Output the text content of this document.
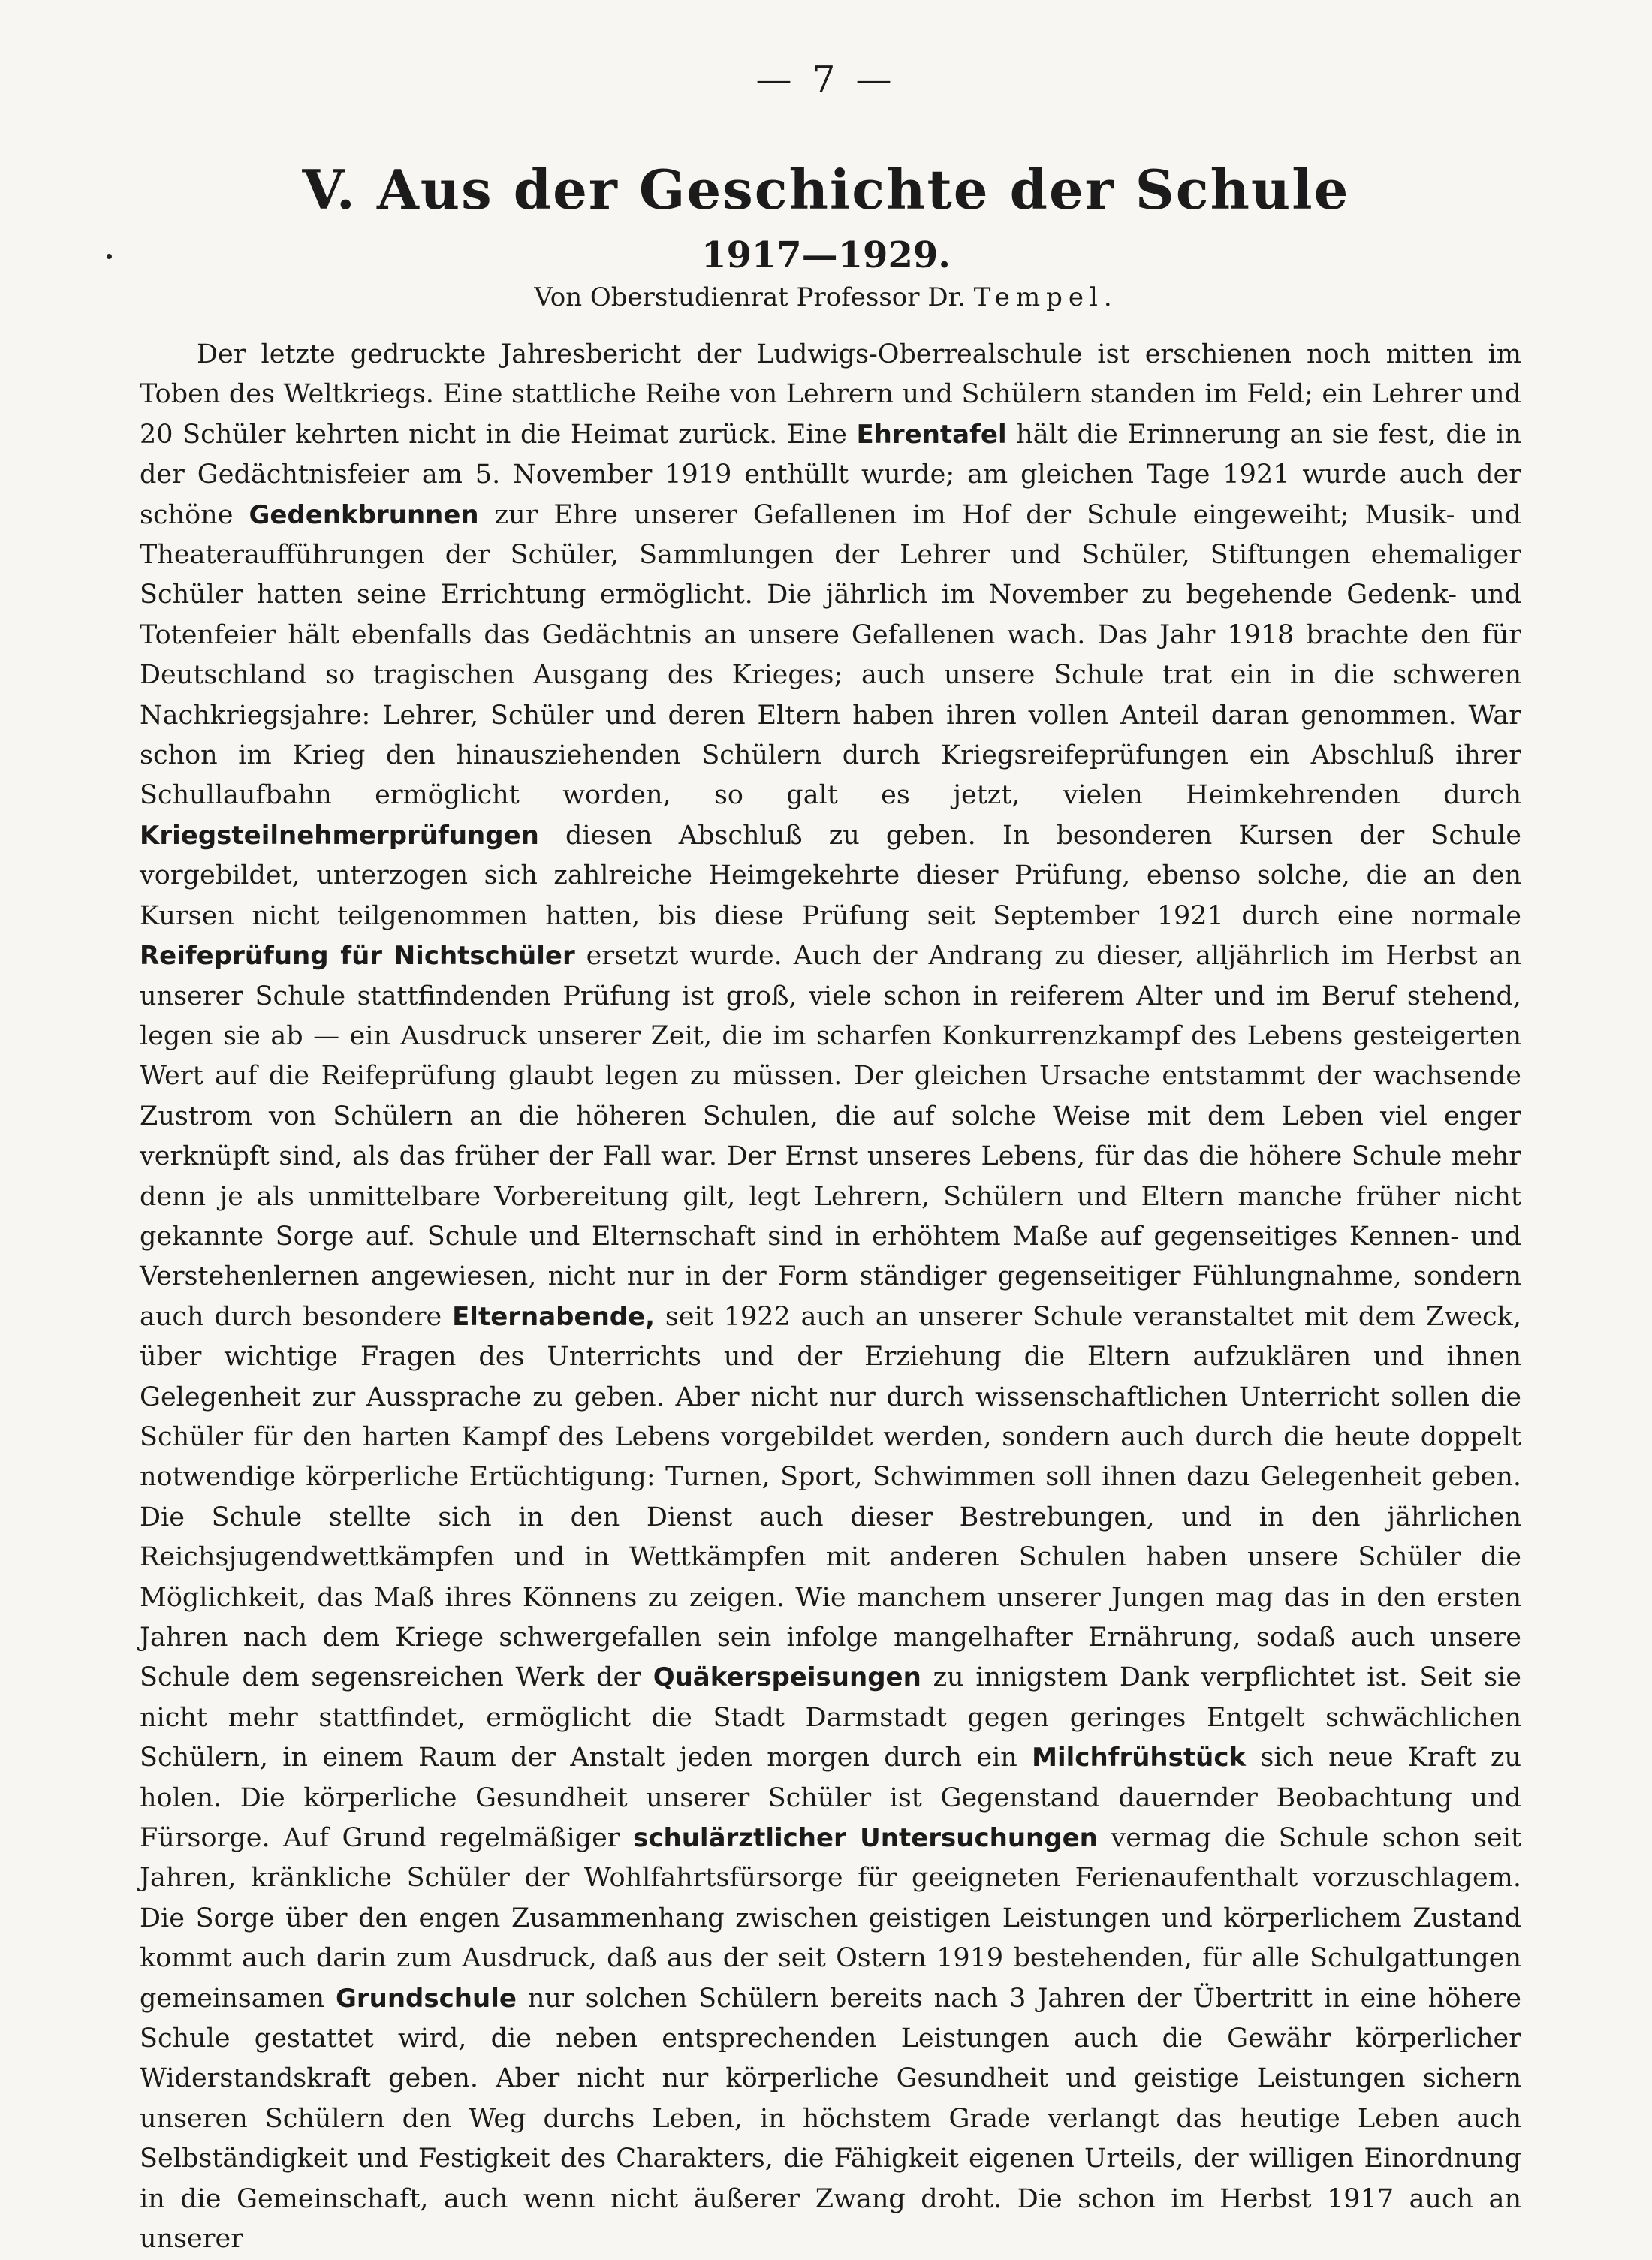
— 7 —
V. Aus der Geschichte der Schule
1917—1929.
Von Oberstudienrat Professor Dr. Tempel.

Der letzte gedruckte Jahresbericht der Ludwigs-Oberrealschule ist erschienen noch mitten im Toben des Weltkriegs. Eine stattliche Reihe von Lehrern und Schülern standen im Feld; ein Lehrer und 20 Schüler kehrten nicht in die Heimat zurück. Eine Ehrentafel hält die Erinnerung an sie fest, die in der Gedächtnisfeier am 5. November 1919 enthüllt wurde; am gleichen Tage 1921 wurde auch der schöne Gedenkbrunnen zur Ehre unserer Gefallenen im Hof der Schule eingeweiht; Musik- und Theateraufführungen der Schüler, Sammlungen der Lehrer und Schüler, Stiftungen ehemaliger Schüler hatten seine Errichtung ermöglicht. Die jährlich im November zu begehende Gedenk- und Totenfeier hält ebenfalls das Gedächtnis an unsere Gefallenen wach. Das Jahr 1918 brachte den für Deutschland so tragischen Ausgang des Krieges; auch unsere Schule trat ein in die schweren Nachkriegsjahre: Lehrer, Schüler und deren Eltern haben ihren vollen Anteil daran genommen. War schon im Krieg den hinausziehenden Schülern durch Kriegsreifeprüfungen ein Abschluß ihrer Schullaufbahn ermöglicht worden, so galt es jetzt, vielen Heimkehrenden durch Kriegsteilnehmerprüfungen diesen Abschluß zu geben. In besonderen Kursen der Schule vorgebildet, unterzogen sich zahlreiche Heimgekehrte dieser Prüfung, ebenso solche, die an den Kursen nicht teilgenommen hatten, bis diese Prüfung seit September 1921 durch eine normale Reifeprüfung für Nichtschüler ersetzt wurde. Auch der Andrang zu dieser, alljährlich im Herbst an unserer Schule stattfindenden Prüfung ist groß, viele schon in reiferem Alter und im Beruf stehend, legen sie ab — ein Ausdruck unserer Zeit, die im scharfen Konkurrenzkampf des Lebens gesteigerten Wert auf die Reifeprüfung glaubt legen zu müssen. Der gleichen Ursache entstammt der wachsende Zustrom von Schülern an die höheren Schulen, die auf solche Weise mit dem Leben viel enger verknüpft sind, als das früher der Fall war. Der Ernst unseres Lebens, für das die höhere Schule mehr denn je als unmittelbare Vorbereitung gilt, legt Lehrern, Schülern und Eltern manche früher nicht gekannte Sorge auf. Schule und Elternschaft sind in erhöhtem Maße auf gegenseitiges Kennen- und Verstehenlernen angewiesen, nicht nur in der Form ständiger gegenseitiger Fühlungnahme, sondern auch durch besondere Elternabende, seit 1922 auch an unserer Schule veranstaltet mit dem Zweck, über wichtige Fragen des Unterrichts und der Erziehung die Eltern aufzuklären und ihnen Gelegenheit zur Aussprache zu geben. Aber nicht nur durch wissenschaftlichen Unterricht sollen die Schüler für den harten Kampf des Lebens vorgebildet werden, sondern auch durch die heute doppelt notwendige körperliche Ertüchtigung: Turnen, Sport, Schwimmen soll ihnen dazu Gelegenheit geben. Die Schule stellte sich in den Dienst auch dieser Bestrebungen, und in den jährlichen Reichsjugendwettkämpfen und in Wettkämpfen mit anderen Schulen haben unsere Schüler die Möglichkeit, das Maß ihres Könnens zu zeigen. Wie manchem unserer Jungen mag das in den ersten Jahren nach dem Kriege schwergefallen sein infolge mangelhafter Ernährung, sodaß auch unsere Schule dem segensreichen Werk der Quäkerspeisungen zu innigstem Dank verpflichtet ist. Seit sie nicht mehr stattfindet, ermöglicht die Stadt Darmstadt gegen geringes Entgelt schwächlichen Schülern, in einem Raum der Anstalt jeden morgen durch ein Milchfrühstück sich neue Kraft zu holen. Die körperliche Gesundheit unserer Schüler ist Gegenstand dauernder Beobachtung und Fürsorge. Auf Grund regelmäßiger schulärztlicher Untersuchungen vermag die Schule schon seit Jahren, kränkliche Schüler der Wohlfahrtsfürsorge für geeigneten Ferienaufenthalt vorzuschlagem. Die Sorge über den engen Zusammenhang zwischen geistigen Leistungen und körperlichem Zustand kommt auch darin zum Ausdruck, daß aus der seit Ostern 1919 bestehenden, für alle Schulgattungen gemeinsamen Grundschule nur solchen Schülern bereits nach 3 Jahren der Übertritt in eine höhere Schule gestattet wird, die neben entsprechenden Leistungen auch die Gewähr körperlicher Widerstandskraft geben. Aber nicht nur körperliche Gesundheit und geistige Leistungen sichern unseren Schülern den Weg durchs Leben, in höchstem Grade verlangt das heutige Leben auch Selbständigkeit und Festigkeit des Charakters, die Fähigkeit eigenen Urteils, der willigen Einordnung in die Gemeinschaft, auch wenn nicht äußerer Zwang droht. Die schon im Herbst 1917 auch an unserer
